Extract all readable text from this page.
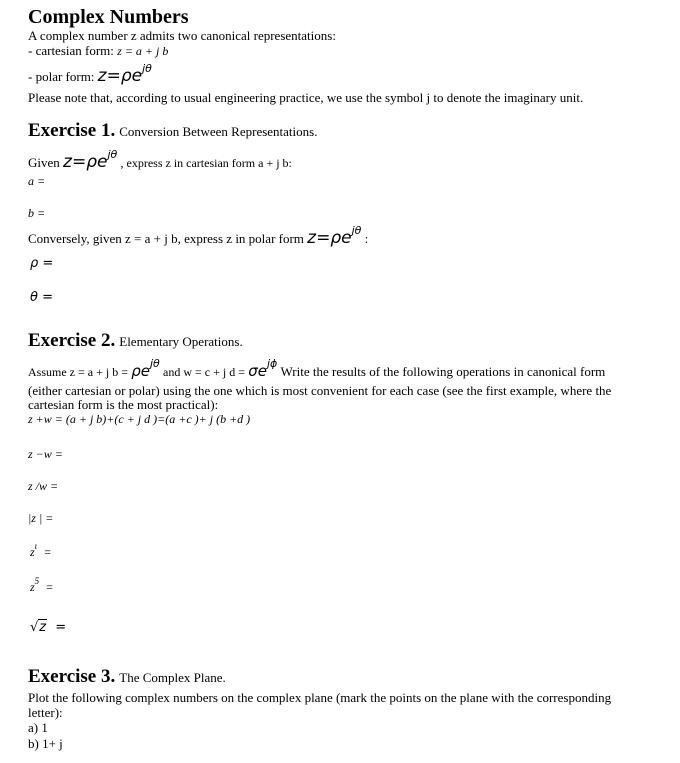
Complex Numbers
A complex number z admits two canonical representations:
- cartesian form: z = a + j b
- polar form: $z=\rho e^{j\theta}$
Please note that, according to usual engineering practice, we use the symbol j to denote the imaginary unit.
Exercise 1. Conversion Between Representations.
Given $z=\rho e^{j\theta}$ , express z in cartesian form a + j b:
a =
b =
Conversely, given z = a + j b, express z in polar form $z=\rho e^{j\theta}$ :
ρ =
θ =
Exercise 2. Elementary Operations.
Assume z = a + j $b = \rho e^{j\theta}$ and w = c + j $d = \sigma e^{j\phi}$ Write the results of the following operations in canonical form
(either cartesian or polar) using the one which is most convenient for each case (see the first example, where the
cartesian form is the most practical):
z +w = (a + j b)+(c + j d )=(a +c )+ j (b +d )
z −w =
z /w =
|z | =
$z^\iota$ =
$z^5$ =
√z =
Exercise 3. The Complex Plane.
Plot the following complex numbers on the complex plane (mark the points on the plane with the corresponding
letter):
a) 1
b) 1+ j
